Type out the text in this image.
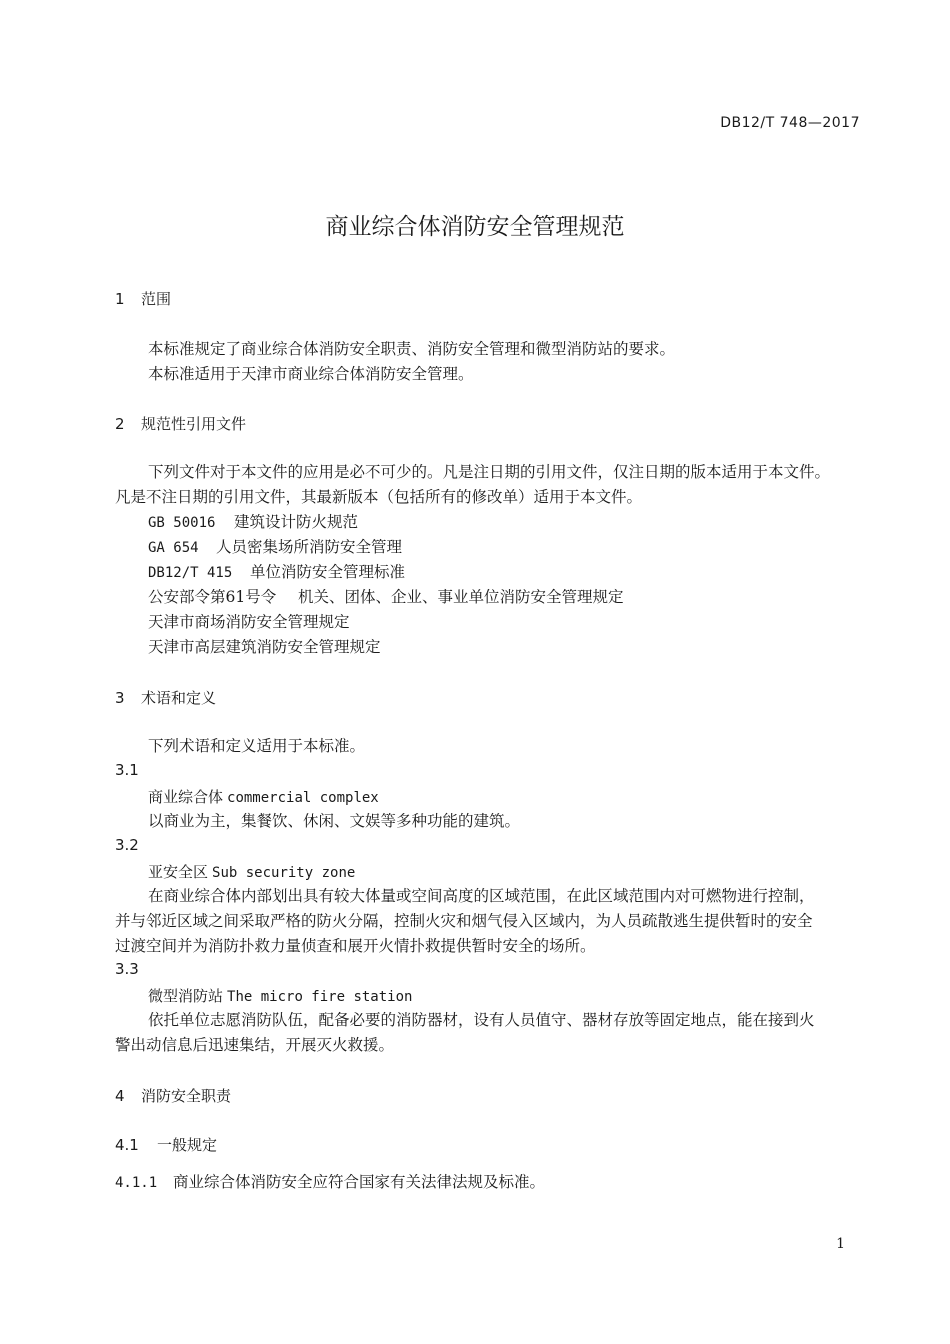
DB12/T 748—2017
商业综合体消防安全管理规范
1 范围
本标准规定了商业综合体消防安全职责、消防安全管理和微型消防站的要求。
本标准适用于天津市商业综合体消防安全管理。
2 规范性引用文件
下列文件对于本文件的应用是必不可少的。凡是注日期的引用文件，仅注日期的版本适用于本文件。
凡是不注日期的引用文件，其最新版本（包括所有的修改单）适用于本文件。
GB 50016 建筑设计防火规范
GA 654 人员密集场所消防安全管理
DB12/T 415 单位消防安全管理标准
公安部令第61号令 机关、团体、企业、事业单位消防安全管理规定
天津市商场消防安全管理规定
天津市高层建筑消防安全管理规定
3 术语和定义
下列术语和定义适用于本标准。
3.1
商业综合体 commercial complex
以商业为主，集餐饮、休闲、文娱等多种功能的建筑。
3.2
亚安全区 Sub security zone
在商业综合体内部划出具有较大体量或空间高度的区域范围，在此区域范围内对可燃物进行控制，
并与邻近区域之间采取严格的防火分隔，控制火灾和烟气侵入区域内，为人员疏散逃生提供暂时的安全
过渡空间并为消防扑救力量侦查和展开火情扑救提供暂时安全的场所。
3.3
微型消防站 The micro fire station
依托单位志愿消防队伍，配备必要的消防器材，设有人员值守、器材存放等固定地点，能在接到火
警出动信息后迅速集结，开展灭火救援。
4 消防安全职责
4.1 一般规定
4.1.1 商业综合体消防安全应符合国家有关法律法规及标准。
1
